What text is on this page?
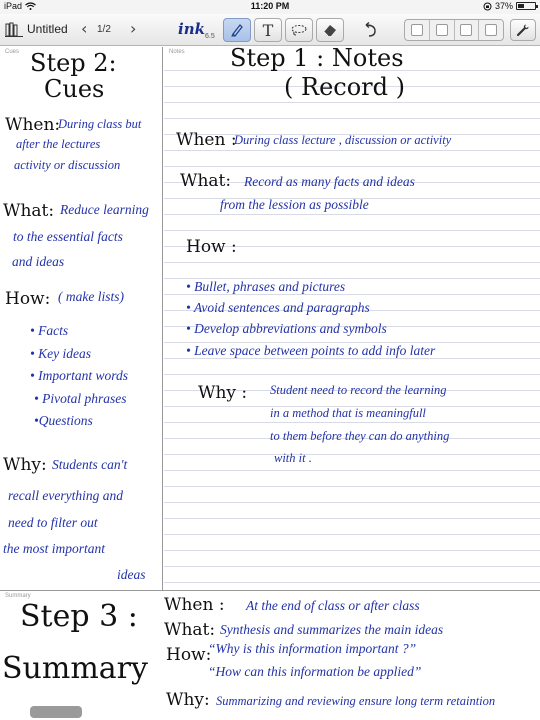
iPad	11:20 PM	37%
Untitled ‹ 1/2 ›	ink 6.5	T
Cues Step 2:
Cues
When:
During class but
after the lectures
activity or discussion
What: Reduce learning
to the essential facts
and ideas
How: ( make lists)
• Facts
• Key ideas
• Important words
• Pivotal phrases
•Questions
Why: Students can't
recall everything and
need to filter out
the most important
ideas
Notes Step 1 : Notes
( Record )
When :
During class lecture , discussion or activity
What: Record as many facts and ideas
from the lession as possible
How :
• Bullet, phrases and pictures
• Avoid sentences and paragraphs
• Develop abbreviations and symbols
• Leave space between points to add info later
Why : Student need to record the learning
in a method that is meaningfull
to them before they can do anything
with it .
Summary
Step 3 :
Summary
When : At the end of class or after class
What: Synthesis and summarizes the main ideas
How:
“Why is this information important ?”
“How can this information be applied”
Why: Summarizing and reviewing ensure long term retaintion
